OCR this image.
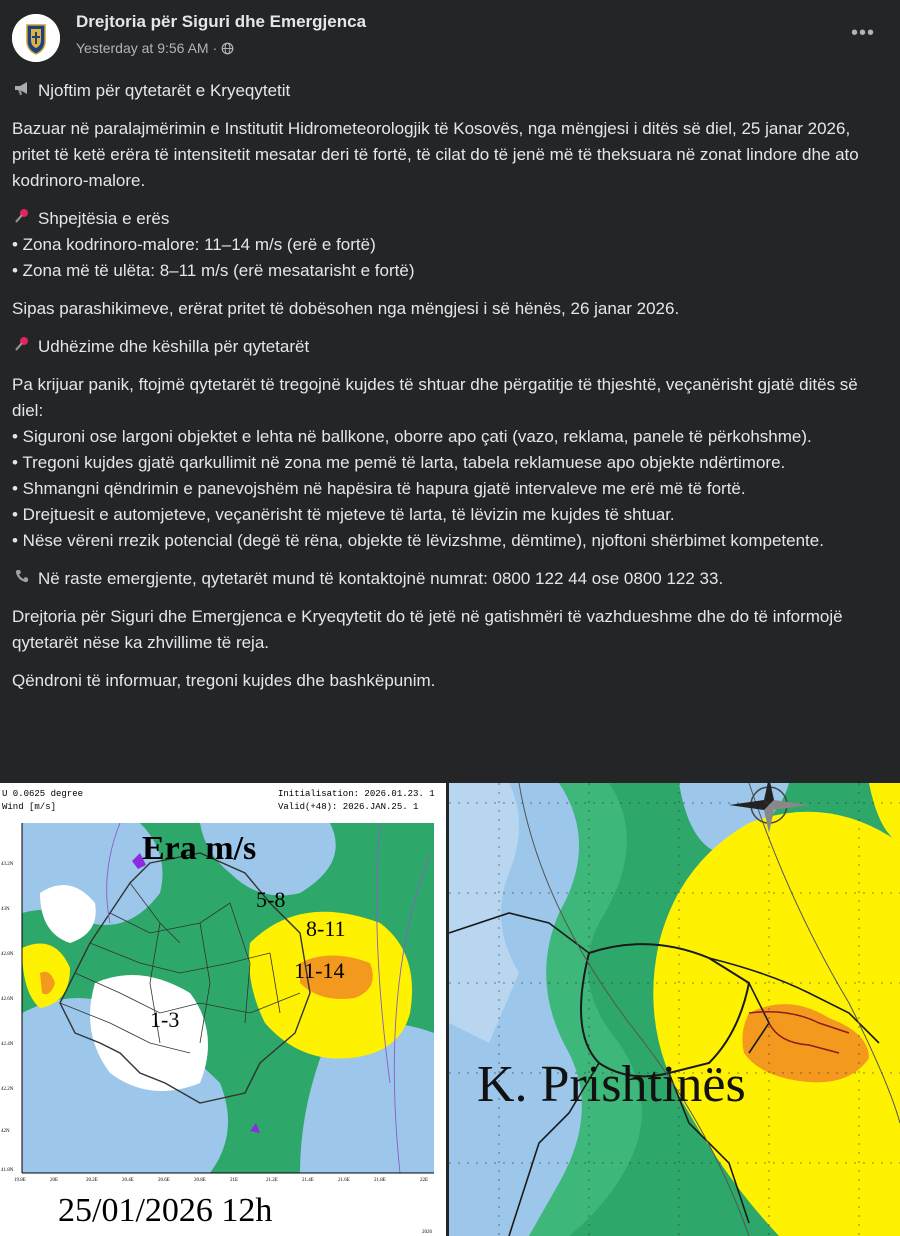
Drejtoria për Siguri dhe Emergjenca
Yesterday at 9:56 AM ·
•••

Njoftim për qytetarët e Kryeqytetit

Bazuar në paralajmërimin e Institutit Hidrometeorologjik të Kosovës, nga mëngjesi i ditës së diel, 25 janar 2026, pritet të ketë erëra të intensitetit mesatar deri të fortë, të cilat do të jenë më të theksuara në zonat lindore dhe ato kodrinoro-malore.

Shpejtësia e erës
• Zona kodrinoro-malore: 11–14 m/s (erë e fortë)
• Zona më të ulëta: 8–11 m/s (erë mesatarisht e fortë)

Sipas parashikimeve, erërat pritet të dobësohen nga mëngjesi i së hënës, 26 janar 2026.

Udhëzime dhe këshilla për qytetarët

Pa krijuar panik, ftojmë qytetarët të tregojnë kujdes të shtuar dhe përgatitje të thjeshtë, veçanërisht gjatë ditës së diel:
• Siguroni ose largoni objektet e lehta në ballkone, oborre apo çati (vazo, reklama, panele të përkohshme).
• Tregoni kujdes gjatë qarkullimit në zona me pemë të larta, tabela reklamuese apo objekte ndërtimore.
• Shmangni qëndrimin e panevojshëm në hapësira të hapura gjatë intervaleve me erë më të fortë.
• Drejtuesit e automjeteve, veçanërisht të mjeteve të larta, të lëvizin me kujdes të shtuar.
• Nëse vëreni rrezik potencial (degë të rëna, objekte të lëvizshme, dëmtime), njoftoni shërbimet kompetente.

Në raste emergjente, qytetarët mund të kontaktojnë numrat: 0800 122 44 ose 0800 122 33.

Drejtoria për Siguri dhe Emergjenca e Kryeqytetit do të jetë në gatishmëri të vazhdueshme dhe do të informojë qytetarët nëse ka zhvillime të reja.

Qëndroni të informuar, tregoni kujdes dhe bashkëpunim.

U 0.0625 degree
Wind [m/s]
Initialisation: 2026.01.23. 1
Valid(+48): 2026.JAN.25. 1
43.2N
43N
42.8N
42.6N
42.4N
42.2N
42N
41.8N
19.8E	20E	20.2E	20.4E	20.6E	20.8E	21E	21.2E	21.4E	21.6E	21.8E	22E
Era m/s
5-8
8-11
11-14
1-3
25/01/2026 12h
2026
K. Prishtinës
